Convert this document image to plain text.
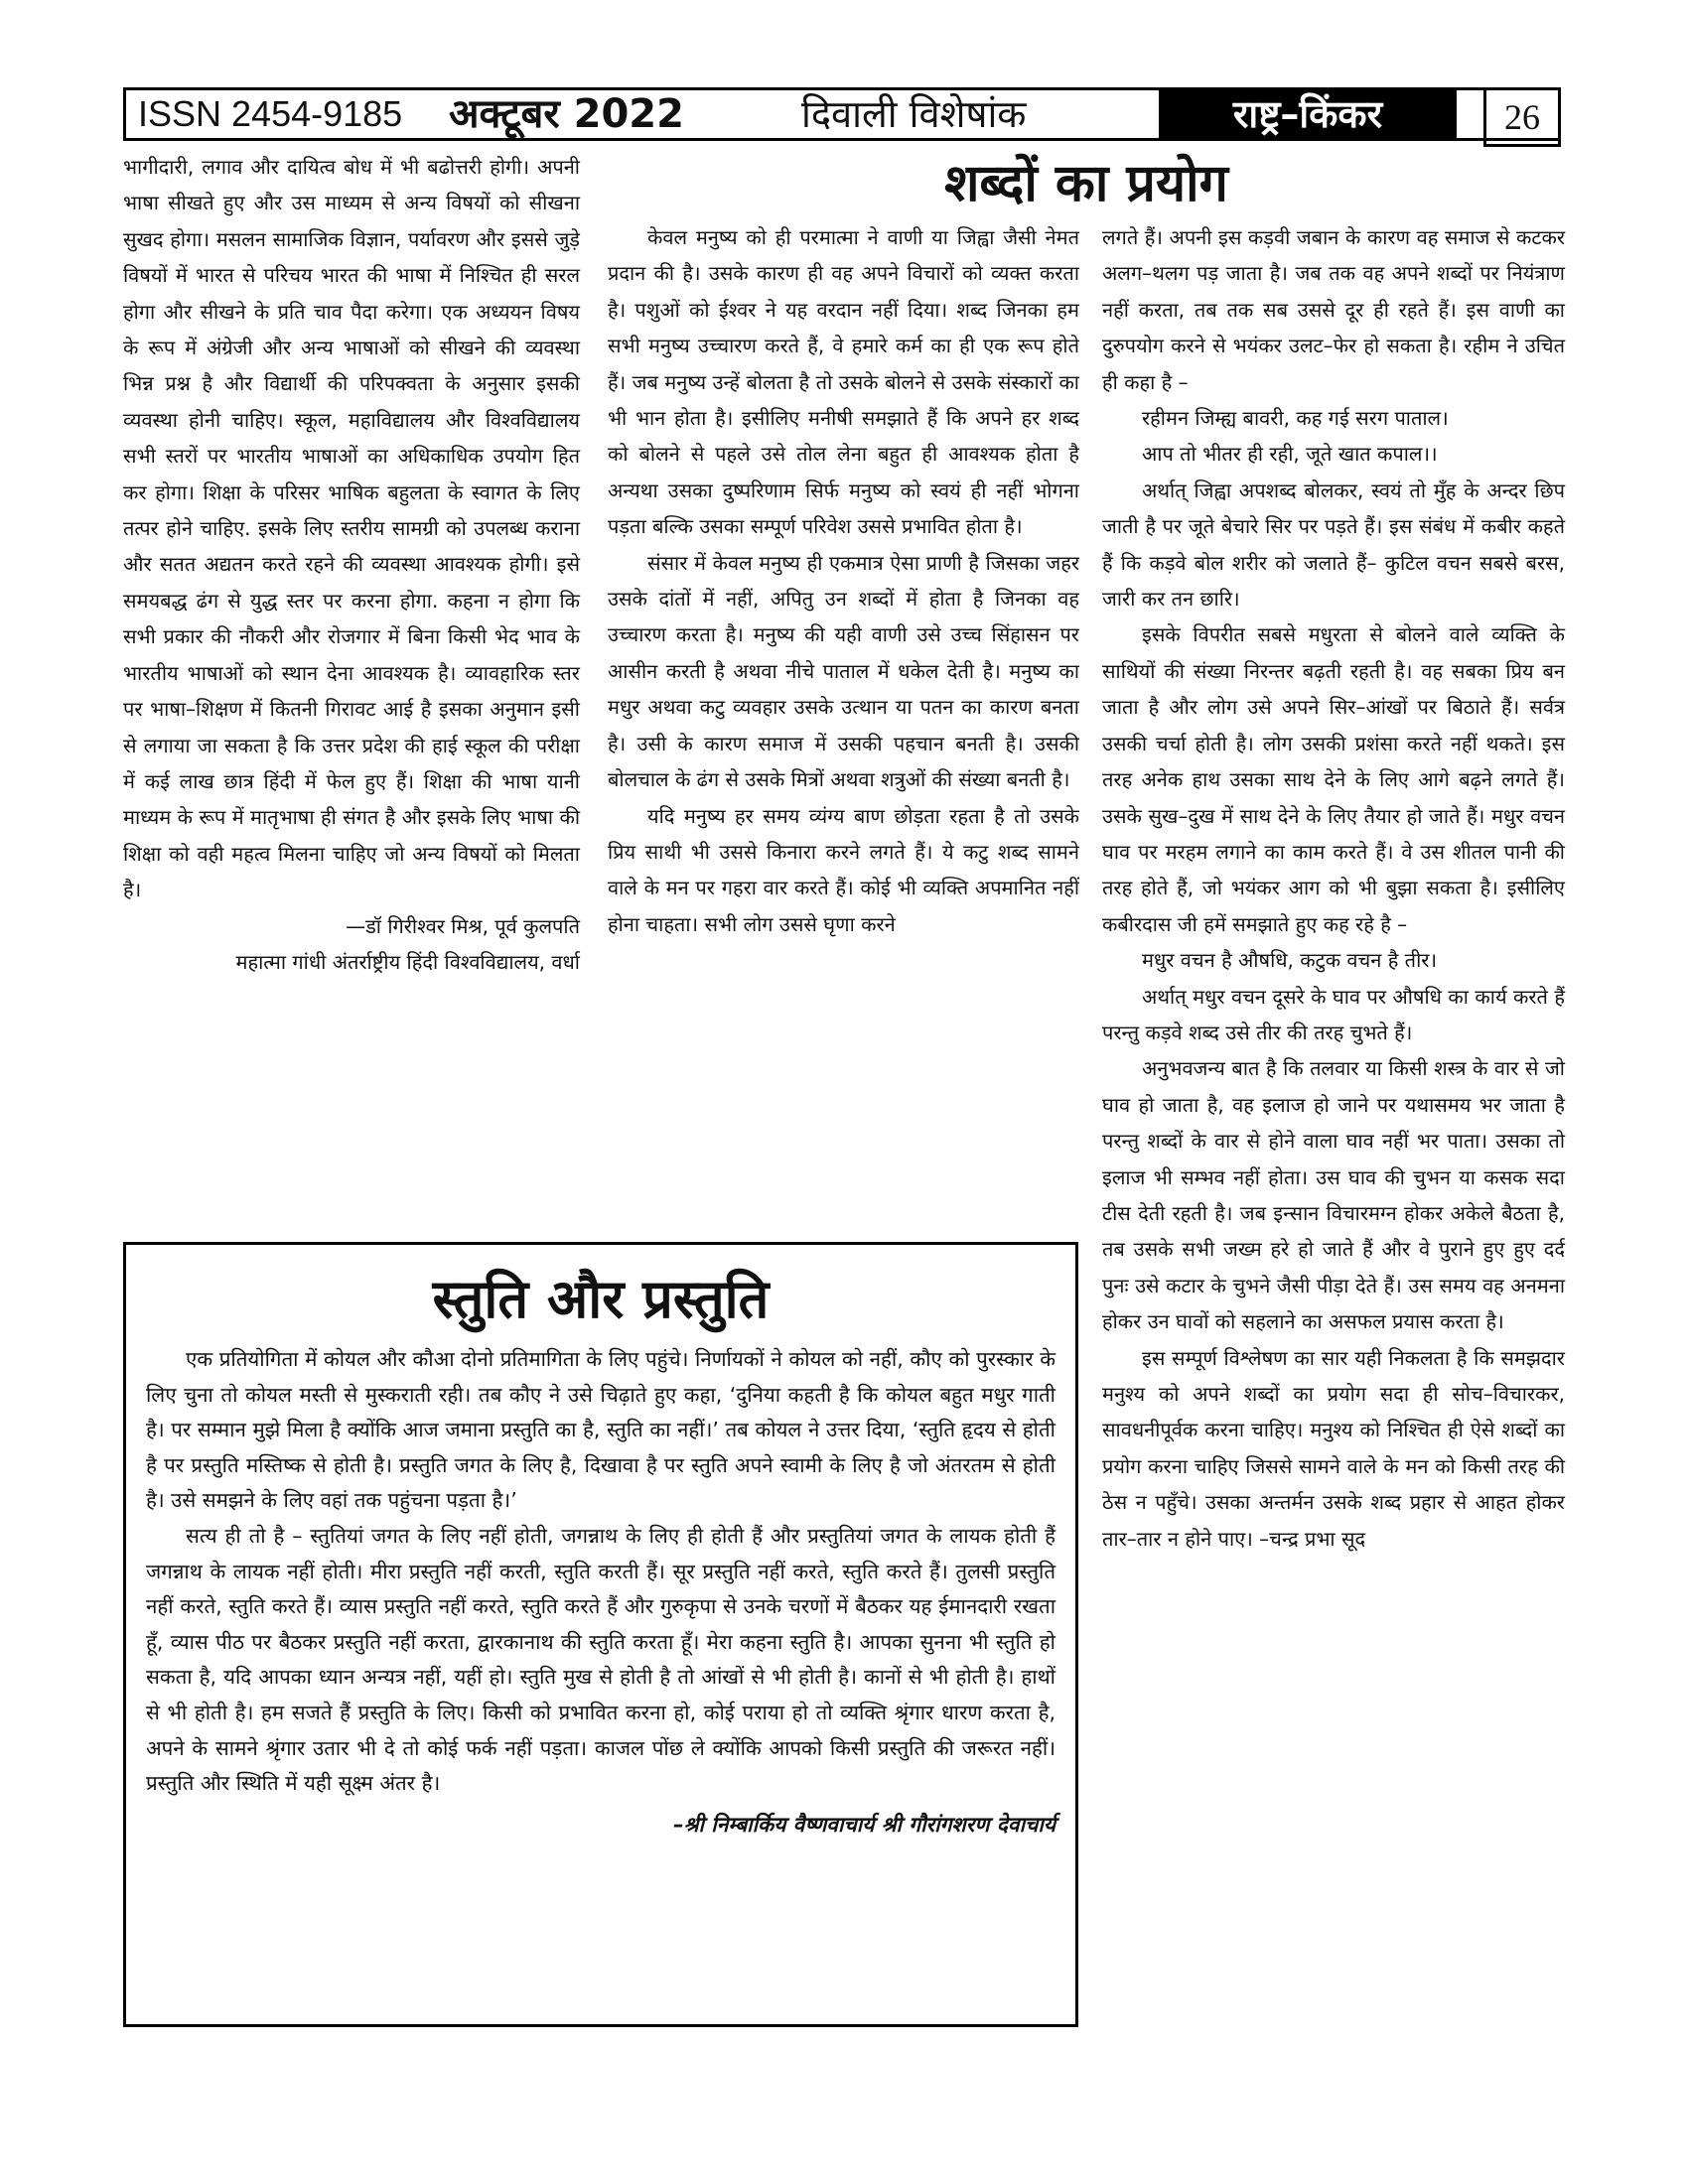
ISSN 2454-9185 अक्टूबर 2022	दिवाली विशेषांक	राष्ट्र–किंकर	26

भागीदारी, लगाव और दायित्व बोध में भी बढोत्तरी होगी। अपनी भाषा सीखते हुए और उस माध्यम से अन्य विषयों को सीखना सुखद होगा। मसलन सामाजिक विज्ञान, पर्यावरण और इससे जुड़े विषयों में भारत से परिचय भारत की भाषा में निश्चित ही सरल होगा और सीखने के प्रति चाव पैदा करेगा। एक अध्ययन विषय के रूप में अंग्रेजी और अन्य भाषाओं को सीखने की व्यवस्था भिन्न प्रश्न है और विद्यार्थी की परिपक्वता के अनुसार इसकी व्यवस्था होनी चाहिए। स्कूल, महाविद्यालय और विश्वविद्यालय सभी स्तरों पर भारतीय भाषाओं का अधिकाधिक उपयोग हित कर होगा। शिक्षा के परिसर भाषिक बहुलता के स्वागत के लिए तत्पर होने चाहिए. इसके लिए स्तरीय सामग्री को उपलब्ध कराना और सतत अद्यतन करते रहने की व्यवस्था आवश्यक होगी। इसे समयबद्ध ढंग से युद्ध स्तर पर करना होगा. कहना न होगा कि सभी प्रकार की नौकरी और रोजगार में बिना किसी भेद भाव के भारतीय भाषाओं को स्थान देना आवश्यक है। व्यावहारिक स्तर पर भाषा–शिक्षण में कितनी गिरावट आई है इसका अनुमान इसी से लगाया जा सकता है कि उत्तर प्रदेश की हाई स्कूल की परीक्षा में कई लाख छात्र हिंदी में फेल हुए हैं। शिक्षा की भाषा यानी माध्यम के रूप में मातृभाषा ही संगत है और इसके लिए भाषा की शिक्षा को वही महत्व मिलना चाहिए जो अन्य विषयों को मिलता है।

—डॉ गिरीश्वर मिश्र, पूर्व कुलपति

महात्मा गांधी अंतर्राष्ट्रीय हिंदी विश्वविद्यालय, वर्धा

शब्दों का प्रयोग

केवल मनुष्य को ही परमात्मा ने वाणी या जिह्वा जैसी नेमत प्रदान की है। उसके कारण ही वह अपने विचारों को व्यक्त करता है। पशुओं को ईश्वर ने यह वरदान नहीं दिया। शब्द जिनका हम सभी मनुष्य उच्चारण करते हैं, वे हमारे कर्म का ही एक रूप होते हैं। जब मनुष्य उन्हें बोलता है तो उसके बोलने से उसके संस्कारों का भी भान होता है। इसीलिए मनीषी समझाते हैं कि अपने हर शब्द को बोलने से पहले उसे तोल लेना बहुत ही आवश्यक होता है अन्यथा उसका दुष्परिणाम सिर्फ मनुष्य को स्वयं ही नहीं भोगना पड़ता बल्कि उसका सम्पूर्ण परिवेश उससे प्रभावित होता है।

संसार में केवल मनुष्य ही एकमात्र ऐसा प्राणी है जिसका जहर उसके दांतों में नहीं, अपितु उन शब्दों में होता है जिनका वह उच्चारण करता है। मनुष्य की यही वाणी उसे उच्च सिंहासन पर आसीन करती है अथवा नीचे पाताल में धकेल देती है। मनुष्य का मधुर अथवा कटु व्यवहार उसके उत्थान या पतन का कारण बनता है। उसी के कारण समाज में उसकी पहचान बनती है। उसकी बोलचाल के ढंग से उसके मित्रों अथवा शत्रुओं की संख्या बनती है।

यदि मनुष्य हर समय व्यंग्य बाण छोड़ता रहता है तो उसके प्रिय साथी भी उससे किनारा करने लगते हैं। ये कटु शब्द सामने वाले के मन पर गहरा वार करते हैं। कोई भी व्यक्ति अपमानित नहीं होना चाहता। सभी लोग उससे घृणा करने

लगते हैं। अपनी इस कड़वी जबान के कारण वह समाज से कटकर अलग–थलग पड़ जाता है। जब तक वह अपने शब्दों पर नियंत्राण नहीं करता, तब तक सब उससे दूर ही रहते हैं। इस वाणी का दुरुपयोग करने से भयंकर उलट–फेर हो सकता है। रहीम ने उचित ही कहा है –

रहीमन जिम्ह्य बावरी, कह गई सरग पाताल।

आप तो भीतर ही रही, जूते खात कपाल।।

अर्थात् जिह्वा अपशब्द बोलकर, स्वयं तो मुँह के अन्दर छिप जाती है पर जूते बेचारे सिर पर पड़ते हैं। इस संबंध में कबीर कहते हैं कि कड़वे बोल शरीर को जलाते हैं– कुटिल वचन सबसे बरस, जारी कर तन छारि।

इसके विपरीत सबसे मधुरता से बोलने वाले व्यक्ति के साथियों की संख्या निरन्तर बढ़ती रहती है। वह सबका प्रिय बन जाता है और लोग उसे अपने सिर–आंखों पर बिठाते हैं। सर्वत्र उसकी चर्चा होती है। लोग उसकी प्रशंसा करते नहीं थकते। इस तरह अनेक हाथ उसका साथ देने के लिए आगे बढ़ने लगते हैं। उसके सुख–दुख में साथ देने के लिए तैयार हो जाते हैं। मधुर वचन घाव पर मरहम लगाने का काम करते हैं। वे उस शीतल पानी की तरह होते हैं, जो भयंकर आग को भी बुझा सकता है। इसीलिए कबीरदास जी हमें समझाते हुए कह रहे है –

मधुर वचन है औषधि, कटुक वचन है तीर।

अर्थात् मधुर वचन दूसरे के घाव पर औषधि का कार्य करते हैं परन्तु कड़वे शब्द उसे तीर की तरह चुभते हैं।

अनुभवजन्य बात है कि तलवार या किसी शस्त्र के वार से जो घाव हो जाता है, वह इलाज हो जाने पर यथासमय भर जाता है परन्तु शब्दों के वार से होने वाला घाव नहीं भर पाता। उसका तो इलाज भी सम्भव नहीं होता। उस घाव की चुभन या कसक सदा टीस देती रहती है। जब इन्सान विचारमग्न होकर अकेले बैठता है, तब उसके सभी जख्म हरे हो जाते हैं और वे पुराने हुए हुए दर्द पुनः उसे कटार के चुभने जैसी पीड़ा देते हैं। उस समय वह अनमना होकर उन घावों को सहलाने का असफल प्रयास करता है।

इस सम्पूर्ण विश्लेषण का सार यही निकलता है कि समझदार मनुश्य को अपने शब्दों का प्रयोग सदा ही सोच–विचारकर, सावधनीपूर्वक करना चाहिए। मनुश्य को निश्चित ही ऐसे शब्दों का प्रयोग करना चाहिए जिससे सामने वाले के मन को किसी तरह की ठेस न पहुँचे। उसका अन्तर्मन उसके शब्द प्रहार से आहत होकर तार–तार न होने पाए। –चन्द्र प्रभा सूद

स्तुति और प्रस्तुति

एक प्रतियोगिता में कोयल और कौआ दोनो प्रतिमागिता के लिए पहुंचे। निर्णायकों ने कोयल को नहीं, कौए को पुरस्कार के लिए चुना तो कोयल मस्ती से मुस्कराती रही। तब कौए ने उसे चिढ़ाते हुए कहा, ‘दुनिया कहती है कि कोयल बहुत मधुर गाती है। पर सम्मान मुझे मिला है क्योंकि आज जमाना प्रस्तुति का है, स्तुति का नहीं।’ तब कोयल ने उत्तर दिया, ‘स्तुति हृदय से होती है पर प्रस्तुति मस्तिष्क से होती है। प्रस्तुति जगत के लिए है, दिखावा है पर स्तुति अपने स्वामी के लिए है जो अंतरतम से होती है। उसे समझने के लिए वहां तक पहुंचना पड़ता है।’

सत्य ही तो है – स्तुतियां जगत के लिए नहीं होती, जगन्नाथ के लिए ही होती हैं और प्रस्तुतियां जगत के लायक होती हैं जगन्नाथ के लायक नहीं होती। मीरा प्रस्तुति नहीं करती, स्तुति करती हैं। सूर प्रस्तुति नहीं करते, स्तुति करते हैं। तुलसी प्रस्तुति नहीं करते, स्तुति करते हैं। व्यास प्रस्तुति नहीं करते, स्तुति करते हैं और गुरुकृपा से उनके चरणों में बैठकर यह ईमानदारी रखता हूँ, व्यास पीठ पर बैठकर प्रस्तुति नहीं करता, द्वारकानाथ की स्तुति करता हूँ। मेरा कहना स्तुति है। आपका सुनना भी स्तुति हो सकता है, यदि आपका ध्यान अन्यत्र नहीं, यहीं हो। स्तुति मुख से होती है तो आंखों से भी होती है। कानों से भी होती है। हाथों से भी होती है। हम सजते हैं प्रस्तुति के लिए। किसी को प्रभावित करना हो, कोई पराया हो तो व्यक्ति श्रृंगार धारण करता है, अपने के सामने श्रृंगार उतार भी दे तो कोई फर्क नहीं पड़ता। काजल पोंछ ले क्योंकि आपको किसी प्रस्तुति की जरूरत नहीं। प्रस्तुति और स्थिति में यही सूक्ष्म अंतर है।

–श्री निम्बार्किय वैष्णवाचार्य श्री गौरांगशरण देवाचार्य
